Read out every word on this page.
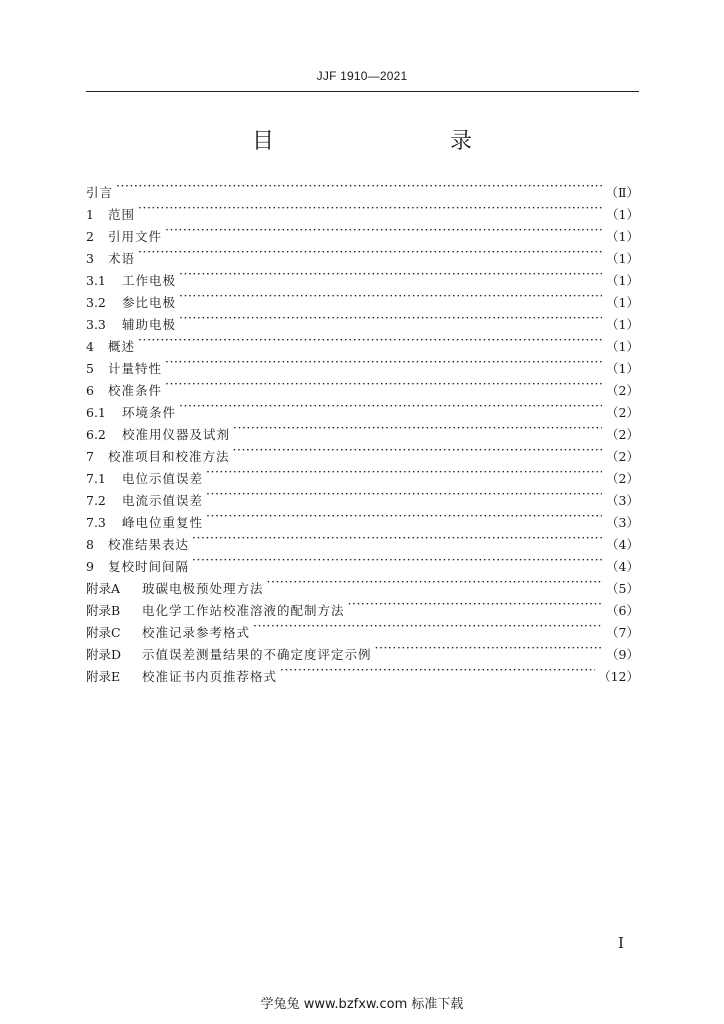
JJF 1910—2021
目　　录
引言 ·····	（Ⅱ）
1	范围 ·····	（1）
2	引用文件 ·····	（1）
3	术语 ·····	（1）
3.1	工作电极 ·····	（1）
3.2	参比电极 ·····	（1）
3.3	辅助电极 ·····	（1）
4	概述 ·····	（1）
5	计量特性 ·····	（1）
6	校准条件 ·····	（2）
6.1	环境条件 ·····	（2）
6.2	校准用仪器及试剂 ·····	（2）
7	校准项目和校准方法 ·····	（2）
7.1	电位示值误差 ·····	（2）
7.2	电流示值误差 ·····	（3）
7.3	峰电位重复性 ·····	（3）
8	校准结果表达 ·····	（4）
9	复校时间间隔 ·····	（4）
附录A	玻碳电极预处理方法 ·····	（5）
附录B	电化学工作站校准溶液的配制方法 ·····	（6）
附录C	校准记录参考格式 ·····	（7）
附录D	示值误差测量结果的不确定度评定示例 ·····	（9）
附录E	校准证书内页推荐格式 ·····	（12）
I
学兔兔 www.bzfxw.com 标准下载
